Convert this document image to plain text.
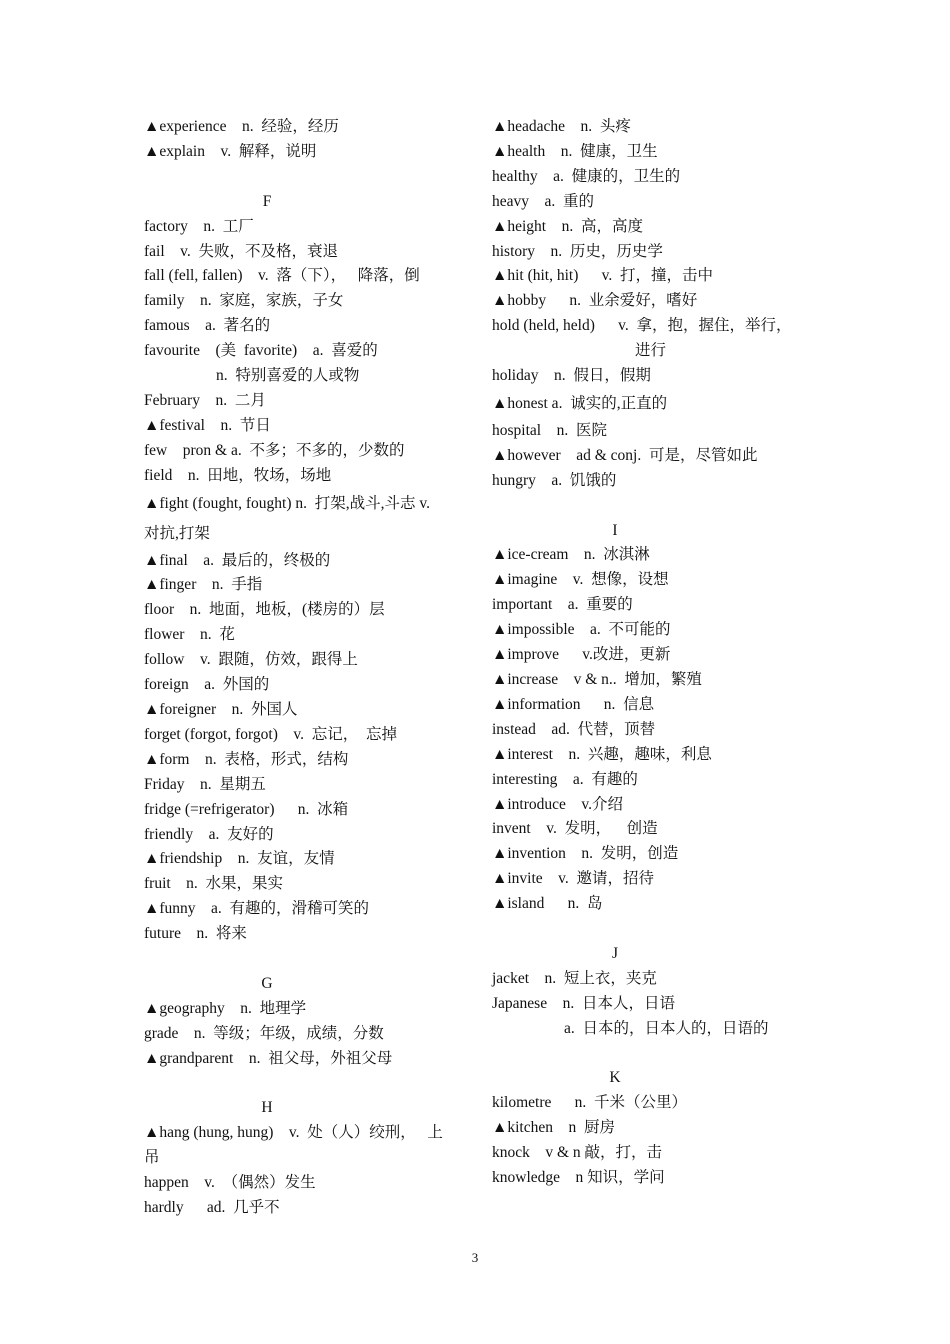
▲experience    n.  经验，经历
▲explain    v.  解释，说明
F
factory    n.  工厂
fail    v.  失败，不及格，衰退
fall (fell, fallen)    v.  落（下），   降落，倒
family    n.  家庭，家族，子女
famous    a.  著名的
favourite    (美  favorite)    a.  喜爱的
n.  特别喜爱的人或物
February    n.  二月
▲festival    n.  节日
few    pron & a.  不多；不多的，少数的
field    n.  田地，牧场，场地
▲fight (fought, fought) n.  打架,战斗,斗志 v.
对抗,打架
▲final    a.  最后的，终极的
▲finger    n.  手指
floor    n.  地面，地板，(楼房的）层
flower    n.  花
follow    v.  跟随，仿效，跟得上
foreign    a.  外国的
▲foreigner    n.  外国人
forget (forgot, forgot)    v.  忘记，  忘掉
▲form    n.  表格，形式，结构
Friday    n.  星期五
fridge (=refrigerator)      n.  冰箱
friendly    a.  友好的
▲friendship    n.  友谊，友情
fruit    n.  水果，果实
▲funny    a.  有趣的，滑稽可笑的
future    n.  将来
G
▲geography    n.  地理学
grade    n.  等级；年级，成绩，分数
▲grandparent    n.  祖父母，外祖父母
H
▲hang (hung, hung)    v.  处（人）绞刑，   上
吊
happen    v.  （偶然）发生
hardly      ad.  几乎不
▲headache    n.  头疼
▲health    n.  健康，卫生
healthy    a.  健康的，卫生的
heavy    a.  重的
▲height    n.  高，高度
history    n.  历史，历史学
▲hit (hit, hit)      v.  打，撞，击中
▲hobby      n.  业余爱好，嗜好
hold (held, held)      v.  拿，抱，握住，举行，
进行
holiday    n.  假日，假期
▲honest a.  诚实的,正直的
hospital    n.  医院
▲however    ad & conj.  可是，尽管如此
hungry    a.  饥饿的
I
▲ice-cream    n.  冰淇淋
▲imagine    v.  想像，设想
important    a.  重要的
▲impossible    a.  不可能的
▲improve      v.改进，更新
▲increase    v & n..  增加，繁殖
▲information      n.  信息
instead    ad.  代替，顶替
▲interest    n.  兴趣，趣味，利息
interesting    a.  有趣的
▲introduce    v.介绍
invent    v.  发明，    创造
▲invention    n.  发明，创造
▲invite    v.  邀请，招待
▲island      n.  岛
J
jacket    n.  短上衣，夹克
Japanese    n.  日本人，日语
a.  日本的，日本人的，日语的
K
kilometre      n.  千米（公里）
▲kitchen    n  厨房
knock    v & n 敲，打，击
knowledge    n 知识，学问
3
